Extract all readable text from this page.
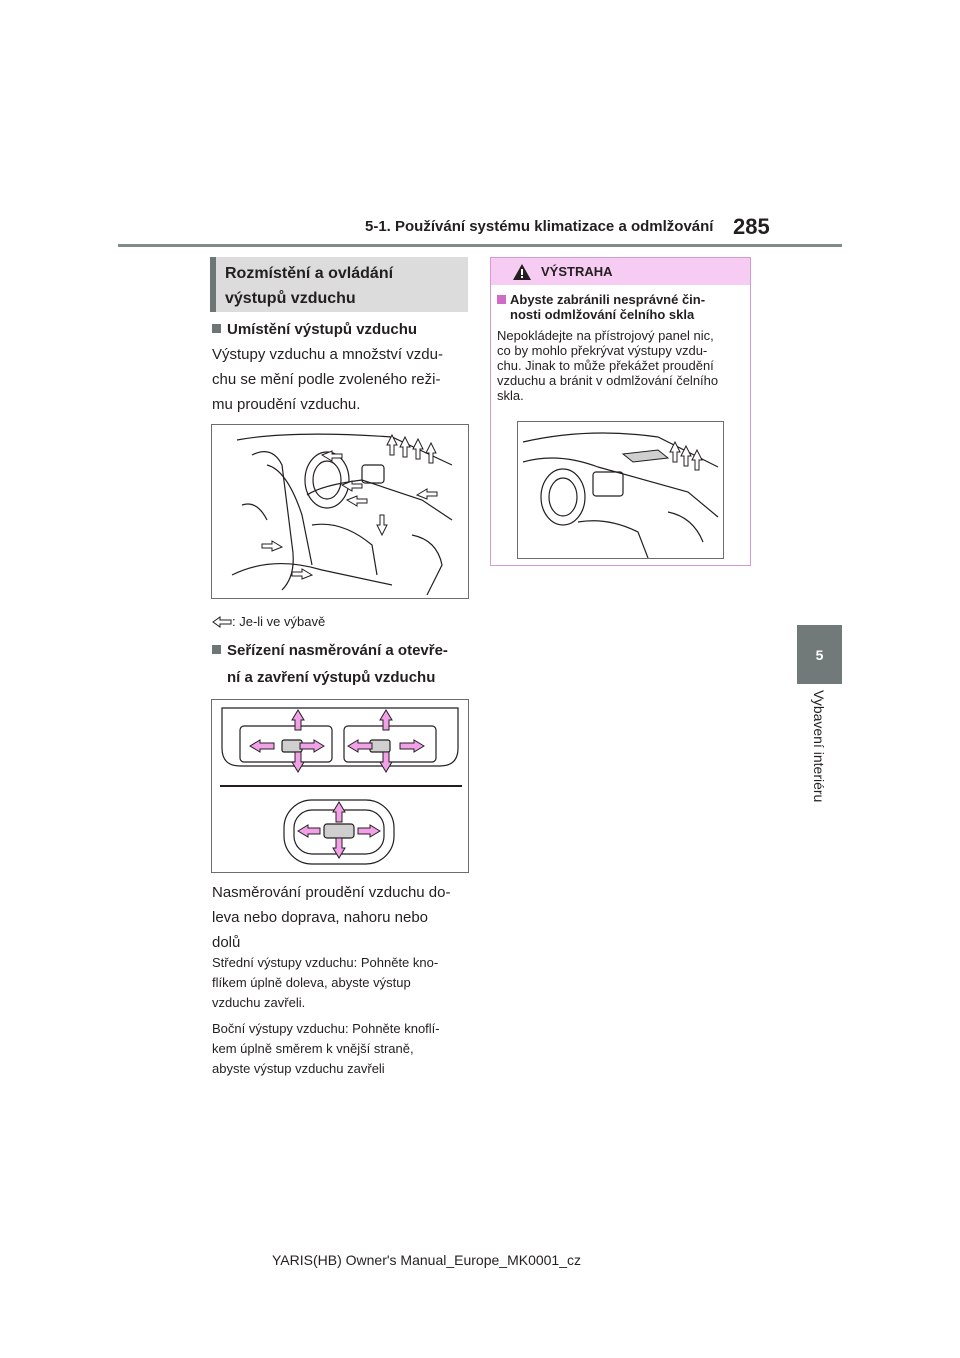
5-1. Používání systému klimatizace a odmlžování 285
5
Vybavení interiéru
Rozmístění a ovládání
výstupů vzduchu
Umístění výstupů vzduchu
Výstupy vzduchu a množství vzdu-
chu se mění podle zvoleného reži-
mu proudění vzduchu.
: Je-li ve výbavě
Seřízení nasměrování a otevře-
ní a zavření výstupů vzduchu
Nasměrování proudění vzduchu do-
leva nebo doprava, nahoru nebo
dolů
Střední výstupy vzduchu: Pohněte kno-
flíkem úplně doleva, abyste výstup
vzduchu zavřeli.
Boční výstupy vzduchu: Pohněte knoflí-
kem úplně směrem k vnější straně,
abyste výstup vzduchu zavřeli
VÝSTRAHA
Abyste zabránili nesprávné čin-
nosti odmlžování čelního skla
Nepokládejte na přístrojový panel nic,
co by mohlo překrývat výstupy vzdu-
chu. Jinak to může překážet proudění
vzduchu a bránit v odmlžování čelního
skla.
YARIS(HB) Owner's Manual_Europe_MK0001_cz
